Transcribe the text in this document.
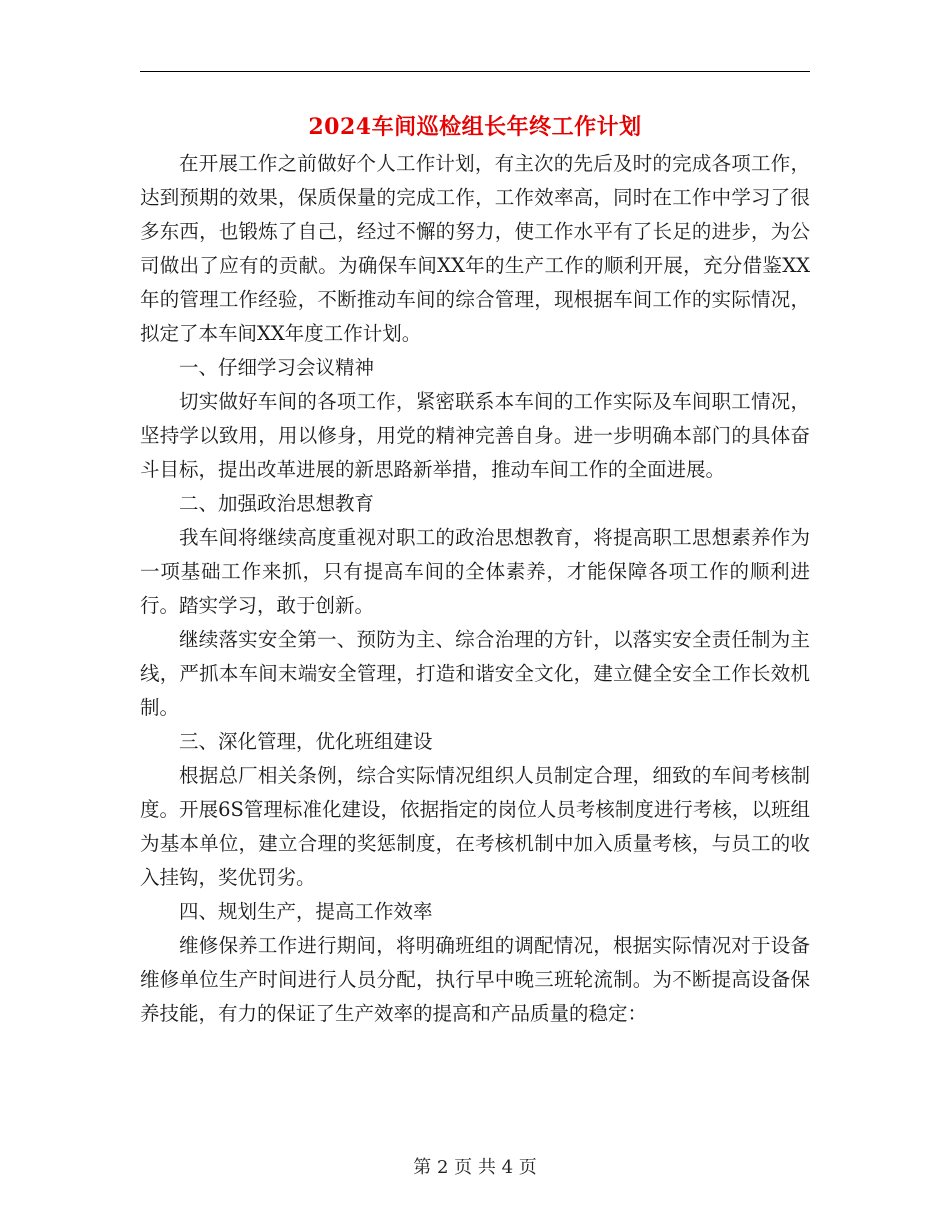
2024车间巡检组长年终工作计划

在开展工作之前做好个人工作计划，有主次的先后及时的完成各项工作，达到预期的效果，保质保量的完成工作，工作效率高，同时在工作中学习了很多东西，也锻炼了自己，经过不懈的努力，使工作水平有了长足的进步，为公司做出了应有的贡献。为确保车间XX年的生产工作的顺利开展，充分借鉴XX年的管理工作经验，不断推动车间的综合管理，现根据车间工作的实际情况，拟定了本车间XX年度工作计划。

一、仔细学习会议精神

切实做好车间的各项工作，紧密联系本车间的工作实际及车间职工情况，坚持学以致用，用以修身，用党的精神完善自身。进一步明确本部门的具体奋斗目标，提出改革进展的新思路新举措，推动车间工作的全面进展。

二、加强政治思想教育

我车间将继续高度重视对职工的政治思想教育，将提高职工思想素养作为一项基础工作来抓，只有提高车间的全体素养，才能保障各项工作的顺利进行。踏实学习，敢于创新。

继续落实安全第一、预防为主、综合治理的方针，以落实安全责任制为主线，严抓本车间末端安全管理，打造和谐安全文化，建立健全安全工作长效机制。

三、深化管理，优化班组建设

根据总厂相关条例，综合实际情况组织人员制定合理，细致的车间考核制度。开展6S管理标准化建设，依据指定的岗位人员考核制度进行考核，以班组为基本单位，建立合理的奖惩制度，在考核机制中加入质量考核，与员工的收入挂钩，奖优罚劣。

四、规划生产，提高工作效率

维修保养工作进行期间，将明确班组的调配情况，根据实际情况对于设备维修单位生产时间进行人员分配，执行早中晚三班轮流制。为不断提高设备保养技能，有力的保证了生产效率的提高和产品质量的稳定：

第 2 页 共 4 页
